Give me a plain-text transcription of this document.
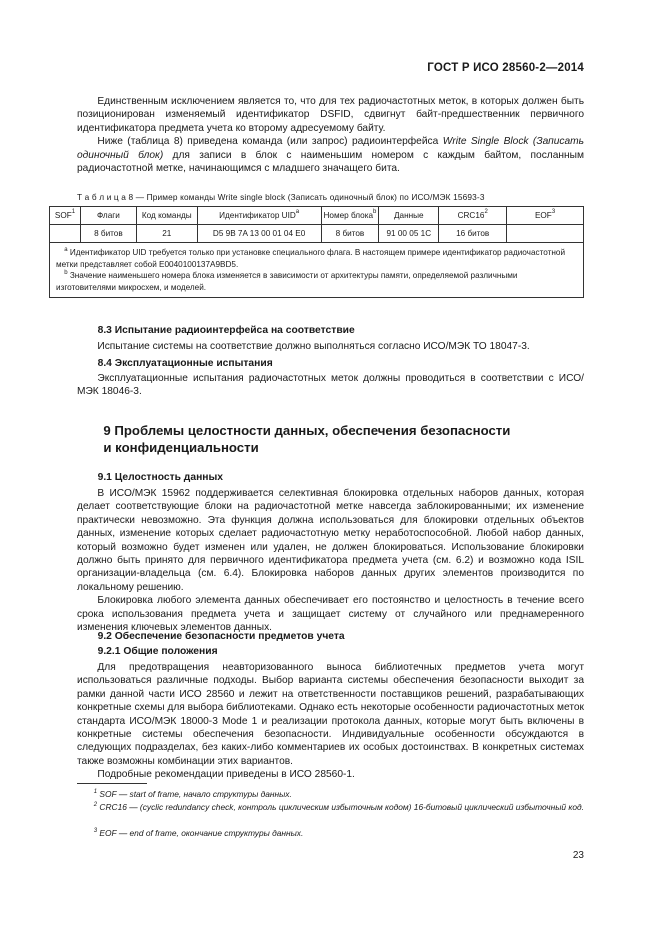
ГОСТ Р ИСО 28560-2—2014

  Единственным исключением является то, что для тех радиочастотных меток, в которых должен быть позиционирован изменяемый идентификатор DSFID, сдвигнут байт-предшественник первичного идентификатора предмета учета ко второму адресуемому байту.

  Ниже (таблица 8) приведена команда (или запрос) радиоинтерфейса Write Single Block (Записать одиночный блок) для записи в блок с наименьшим номером с каждым байтом, посланным радиочастотной метке, начинающимся с младшего значащего бита.

Т а б л и ц а 8 — Пример команды Write single block (Записать одиночный блок) по ИСО/МЭК 15693-3
SOF$^1$	Флаги	Код команды	Идентификатор UID$^a$	Номер блока$^b$	Данные	$CRC16^2$	EOF$^3$
	8 битов	21	D5 9B 7A 13 00 01 04 E0	8 битов	91 00 05 1C	16 битов	

 $^a$ Идентификатор UID требуется только при установке специального флага. В настоящем примере идентификатор радиочастотной метки представляет собой E0040100137A9BD5.
 $^b$ Значение наименьшего номера блока изменяется в зависимости от архитектуры памяти, определяемой различными изготовителями микросхем, и моделей.							
  8.3 Испытание радиоинтерфейса на соответствие

  Испытание системы на соответствие должно выполняться согласно ИСО/МЭК ТО 18047-3.

  8.4 Эксплуатационные испытания

  Эксплуатационные испытания радиочастотных меток должны проводиться в соответствии с ИСО/МЭК 18046-3.

  9 Проблемы целостности данных, обеспечения безопасности
  и конфиденциальности
  9.1 Целостность данных

  В ИСО/МЭК 15962 поддерживается селективная блокировка отдельных наборов данных, которая делает соответствующие блоки на радиочастотной метке навсегда заблокированными; их изменение практически невозможно. Эта функция должна использоваться для блокировки отдельных объектов данных, изменение которых сделает радиочастотную метку неработоспособной. Любой набор данных, который возможно будет изменен или удален, не должен блокироваться. Использование блокировки должно быть принято для первичного идентификатора предмета учета (см. 6.2) и возможно кода ISIL организации-владельца (см. 6.4). Блокировка наборов данных других элементов производится по локальному решению.

  Блокировка любого элемента данных обеспечивает его постоянство и целостность в течение всего срока использования предмета учета и защищает систему от случайного или преднамеренного изменения ключевых элементов данных.

  9.2 Обеспечение безопасности предметов учета
  9.2.1 Общие положения

  Для предотвращения неавторизованного выноса библиотечных предметов учета могут использоваться различные подходы. Выбор варианта системы обеспечения безопасности выходит за рамки данной части ИСО 28560 и лежит на ответственности поставщиков решений, разрабатывающих конкретные схемы для выбора библиотеками. Однако есть некоторые особенности радиочастотных меток стандарта ИСО/МЭК 18000-3 Mode 1 и реализации протокола данных, которые могут быть включены в конкретные системы обеспечения безопасности. Индивидуальные особенности обсуждаются в следующих подразделах, без каких-либо комментариев их особых достоинствах. В конкретных системах также возможны комбинации этих вариантов.

  Подробные рекомендации приведены в ИСО 28560-1.

  $^1$ SOF — start of frame, начало структуры данных.
  $^2$ CRC16 — (cyclic redundancy check, контроль циклическим избыточным кодом) 16-битовый циклический избыточный код.
  $^3$ EOF — end of frame, окончание структуры данных.
23
